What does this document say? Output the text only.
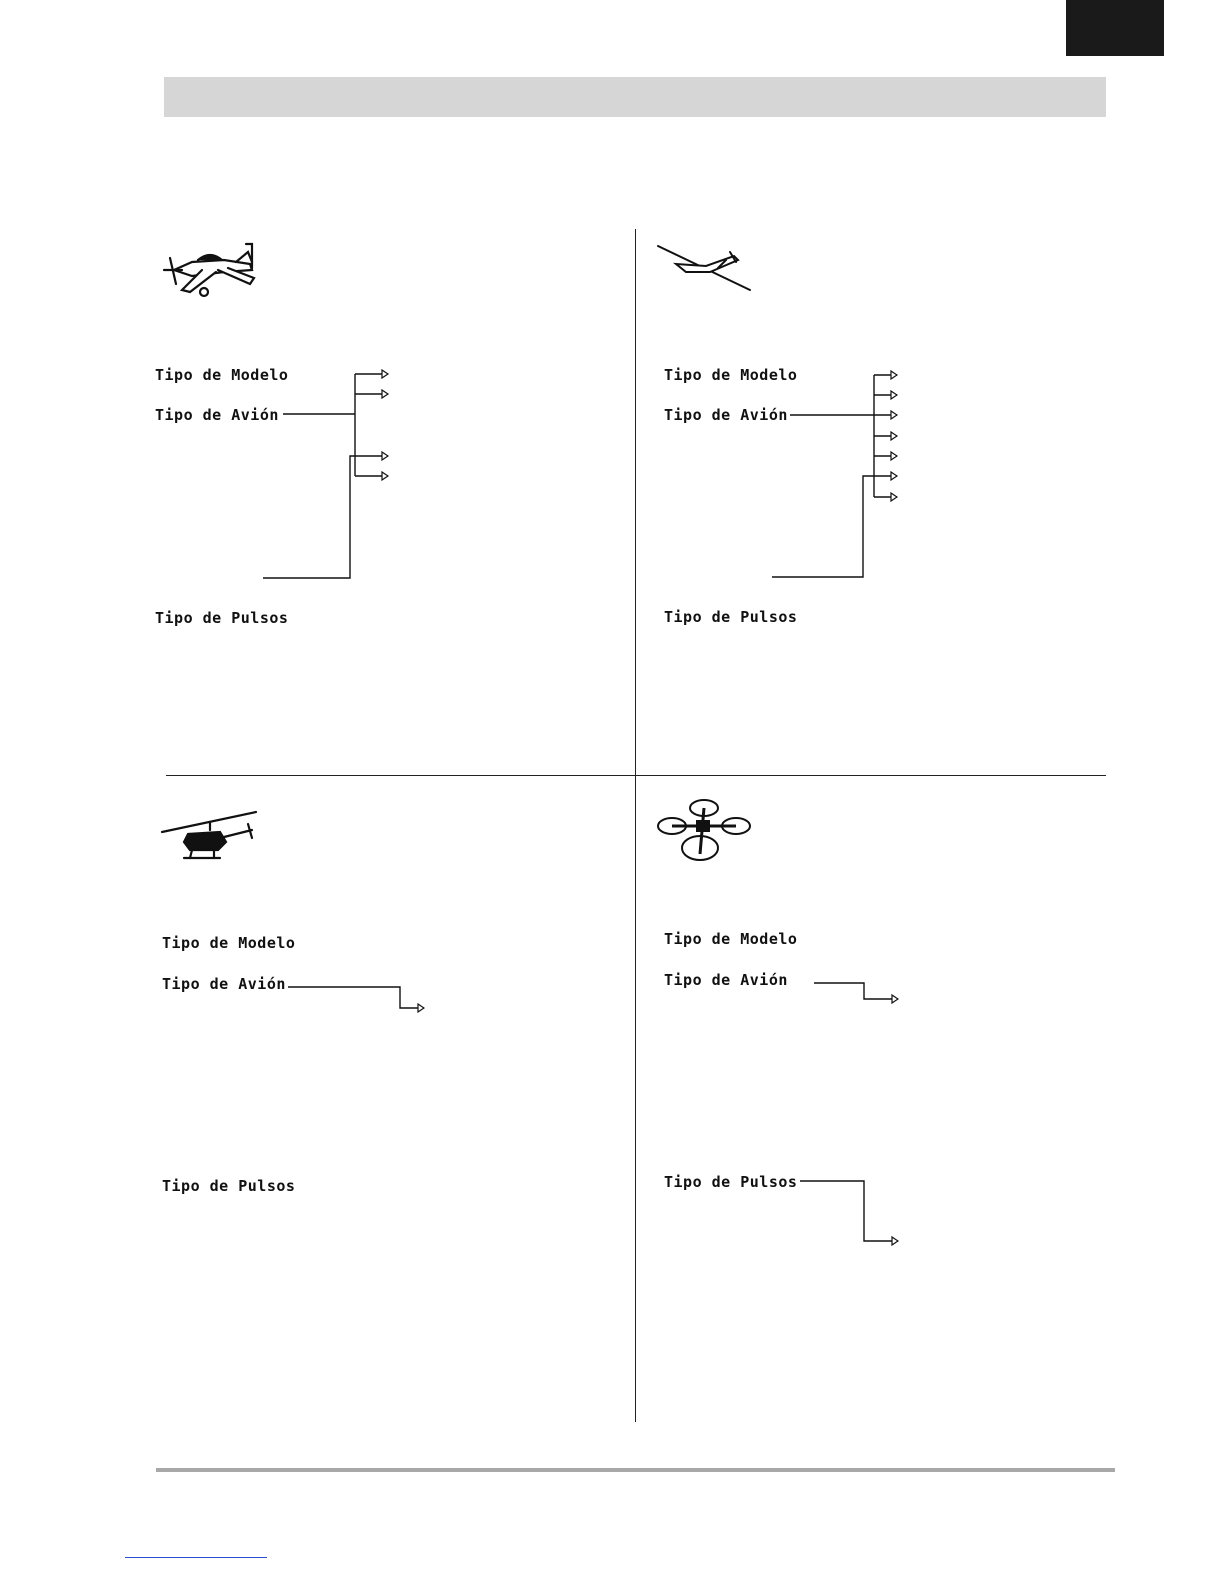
Tipo de Modelo
Tipo de Avión
Tipo de Pulsos
Tipo de Modelo
Tipo de Avión
Tipo de Pulsos
Tipo de Modelo
Tipo de Avión
Tipo de Pulsos
Tipo de Modelo
Tipo de Avión
Tipo de Pulsos
